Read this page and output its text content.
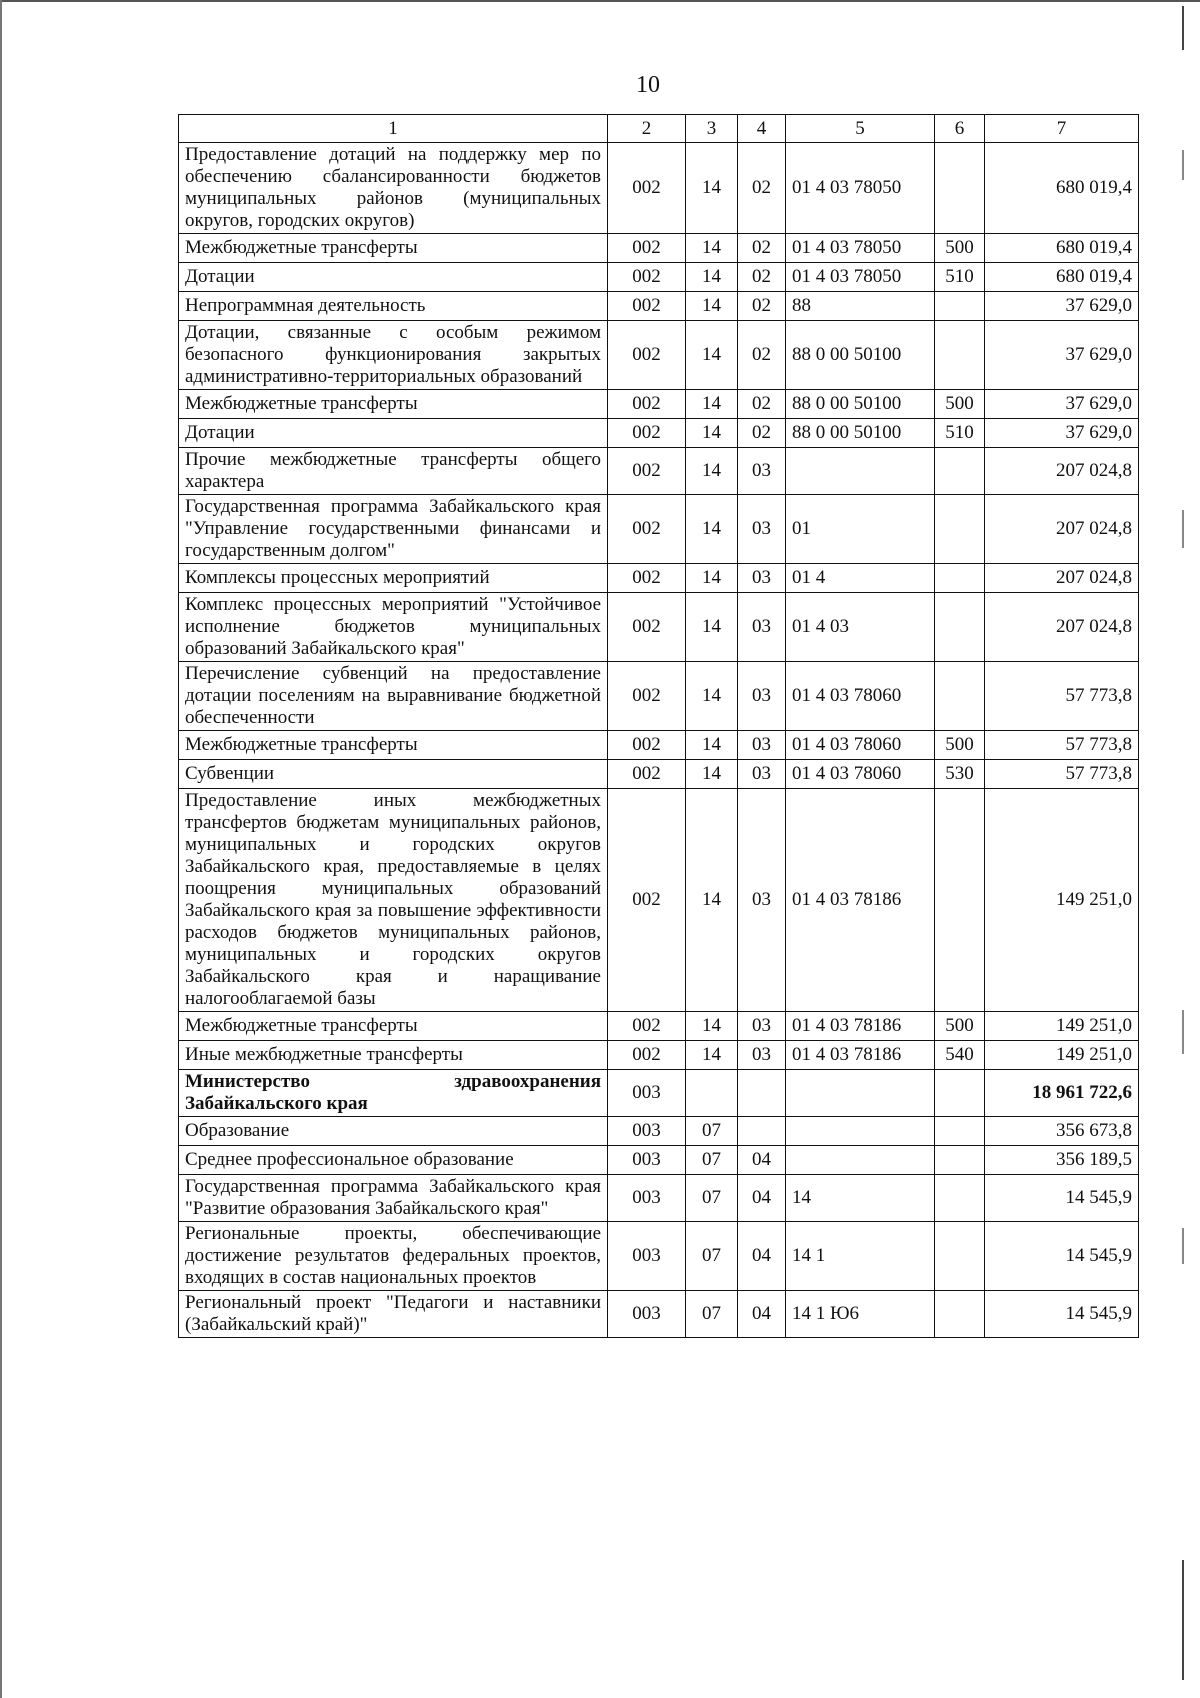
10
1	2	3	4	5	6	7
Предоставление дотаций на поддержку мер по обеспечению сбалансированности бюджетов муниципальных районов (муниципальных округов, городских округов)	002	14	02	01 4 03 78050		680 019,4
Межбюджетные трансферты	002	14	02	01 4 03 78050	500	680 019,4
Дотации	002	14	02	01 4 03 78050	510	680 019,4
Непрограммная деятельность	002	14	02	88		37 629,0
Дотации, связанные с особым режимом безопасного функционирования закрытых административно-территориальных образований	002	14	02	88 0 00 50100		37 629,0
Межбюджетные трансферты	002	14	02	88 0 00 50100	500	37 629,0
Дотации	002	14	02	88 0 00 50100	510	37 629,0
Прочие межбюджетные трансферты общего характера	002	14	03			207 024,8
Государственная программа Забайкальского края "Управление государственными финансами и государственным долгом"	002	14	03	01		207 024,8
Комплексы процессных мероприятий	002	14	03	01 4		207 024,8
Комплекс процессных мероприятий "Устойчивое исполнение бюджетов муниципальных образований Забайкальского края"	002	14	03	01 4 03		207 024,8
Перечисление субвенций на предоставление дотации поселениям на выравнивание бюджетной обеспеченности	002	14	03	01 4 03 78060		57 773,8
Межбюджетные трансферты	002	14	03	01 4 03 78060	500	57 773,8
Субвенции	002	14	03	01 4 03 78060	530	57 773,8
Предоставление иных межбюджетных трансфертов бюджетам муниципальных районов, муниципальных и городских округов Забайкальского края, предоставляемые в целях поощрения муниципальных образований Забайкальского края за повышение эффективности расходов бюджетов муниципальных районов, муниципальных и городских округов Забайкальского края и наращивание налогооблагаемой базы	002	14	03	01 4 03 78186		149 251,0
Межбюджетные трансферты	002	14	03	01 4 03 78186	500	149 251,0
Иные межбюджетные трансферты	002	14	03	01 4 03 78186	540	149 251,0
Министерство здравоохранения Забайкальского края	003					18 961 722,6
Образование	003	07				356 673,8
Среднее профессиональное образование	003	07	04			356 189,5
Государственная программа Забайкальского края "Развитие образования Забайкальского края"	003	07	04	14		14 545,9
Региональные проекты, обеспечивающие достижение результатов федеральных проектов, входящих в состав национальных проектов	003	07	04	14 1		14 545,9
Региональный проект "Педагоги и наставники (Забайкальский край)"	003	07	04	14 1 Ю6		14 545,9
